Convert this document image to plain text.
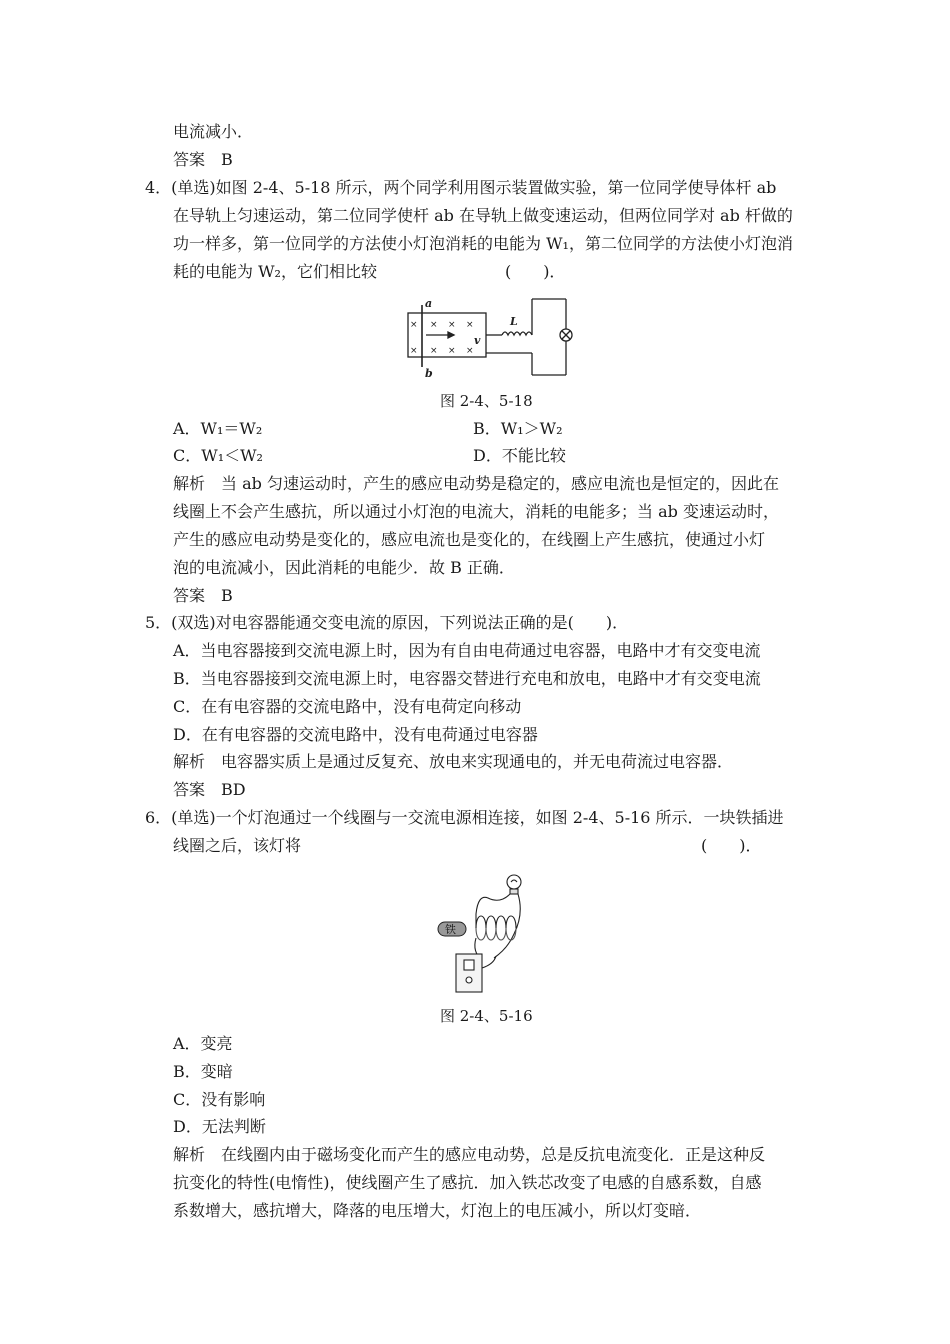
电流减小．
答案　B
4．(单选)如图 2-4、5-18 所示，两个同学利用图示装置做实验，第一位同学使导体杆 ab
在导轨上匀速运动，第二位同学使杆 ab 在导轨上做变速运动，但两位同学对 ab 杆做的
功一样多，第一位同学的方法使小灯泡消耗的电能为 W₁，第二位同学的方法使小灯泡消
耗的电能为 W₂，它们相比较　　　　　　　　(　　)．
× × × ×
× × × ×
a
b
v
L
图 2-4、5-18
A．W₁＝W₂	B．W₁＞W₂
C．W₁＜W₂	D．不能比较
解析　当 ab 匀速运动时，产生的感应电动势是稳定的，感应电流也是恒定的，因此在
线圈上不会产生感抗，所以通过小灯泡的电流大，消耗的电能多；当 ab 变速运动时，
产生的感应电动势是变化的，感应电流也是变化的，在线圈上产生感抗，使通过小灯
泡的电流减小，因此消耗的电能少．故 B 正确．
答案　B
5．(双选)对电容器能通交变电流的原因，下列说法正确的是(　　)．
A．当电容器接到交流电源上时，因为有自由电荷通过电容器，电路中才有交变电流
B．当电容器接到交流电源上时，电容器交替进行充电和放电，电路中才有交变电流
C．在有电容器的交流电路中，没有电荷定向移动
D．在有电容器的交流电路中，没有电荷通过电容器
解析　电容器实质上是通过反复充、放电来实现通电的，并无电荷流过电容器．
答案　BD
6．(单选)一个灯泡通过一个线圈与一交流电源相连接，如图 2-4、5-16 所示．一块铁插进
线圈之后，该灯将　　　　　　　　　　　　　　　　　　　　　　　　　(　　)．
铁
图 2-4、5-16
A．变亮
B．变暗
C．没有影响
D．无法判断
解析　在线圈内由于磁场变化而产生的感应电动势，总是反抗电流变化．正是这种反
抗变化的特性(电惰性)，使线圈产生了感抗．加入铁芯改变了电感的自感系数，自感
系数增大，感抗增大，降落的电压增大，灯泡上的电压减小，所以灯变暗．
